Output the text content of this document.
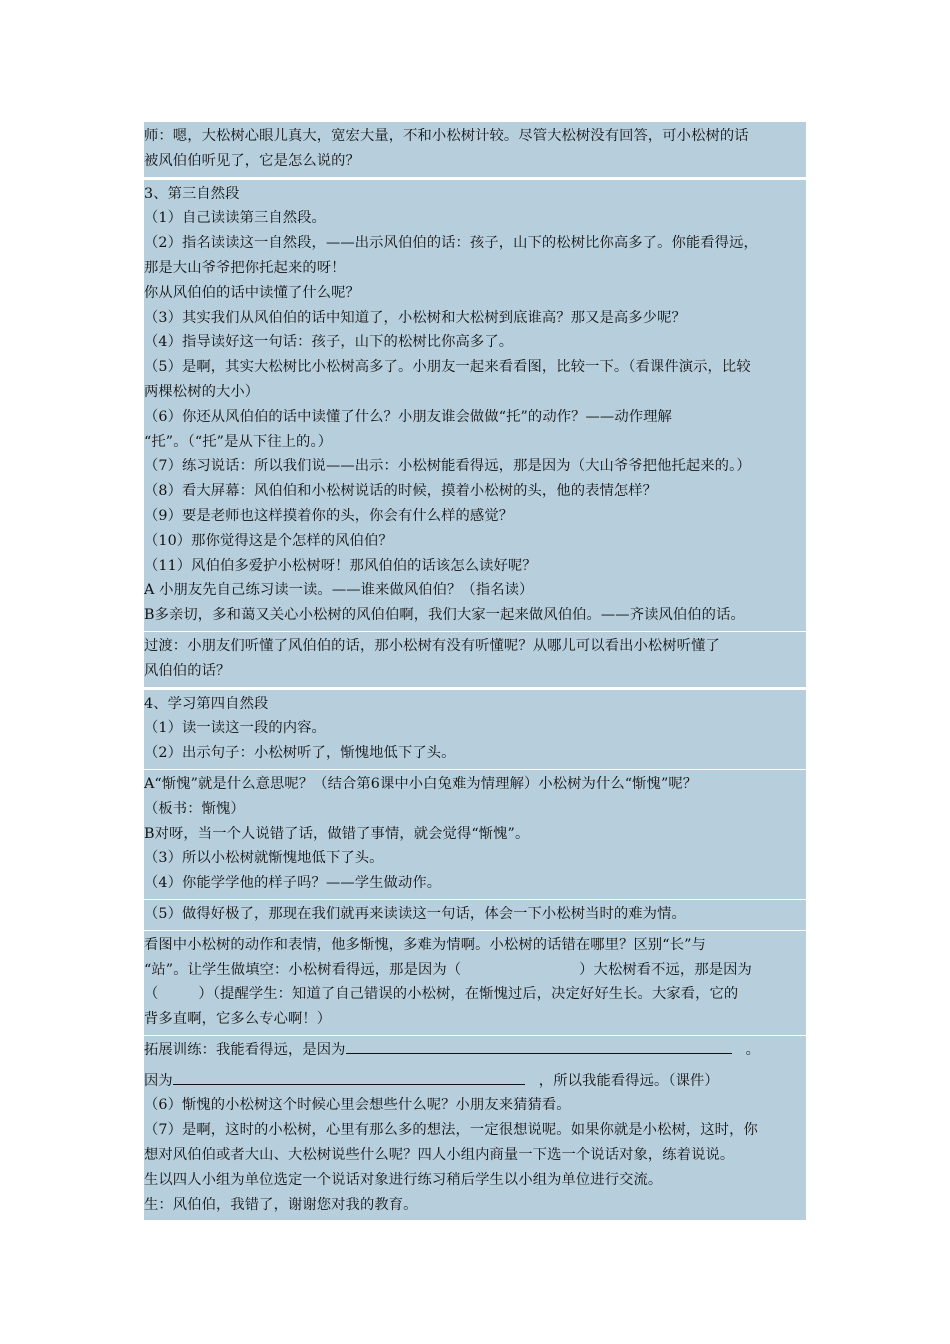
师：嗯，大松树心眼儿真大，宽宏大量，不和小松树计较。尽管大松树没有回答，可小松树的话
被风伯伯听见了，它是怎么说的？
3、第三自然段
（1）自己读读第三自然段。
（2）指名读读这一自然段，——出示风伯伯的话：孩子，山下的松树比你高多了。你能看得远，
那是大山爷爷把你托起来的呀！
你从风伯伯的话中读懂了什么呢？
（3）其实我们从风伯伯的话中知道了，小松树和大松树到底谁高？那又是高多少呢？
（4）指导读好这一句话：孩子，山下的松树比你高多了。
（5）是啊，其实大松树比小松树高多了。小朋友一起来看看图，比较一下。（看课件演示，比较
两棵松树的大小）
（6）你还从风伯伯的话中读懂了什么？小朋友谁会做做“托”的动作？——动作理解
“托”。（“托”是从下往上的。）
（7）练习说话：所以我们说——出示：小松树能看得远，那是因为（大山爷爷把他托起来的。）
（8）看大屏幕：风伯伯和小松树说话的时候，摸着小松树的头，他的表情怎样？
（9）要是老师也这样摸着你的头，你会有什么样的感觉？
（10）那你觉得这是个怎样的风伯伯？
（11）风伯伯多爱护小松树呀！那风伯伯的话该怎么读好呢？
A 小朋友先自己练习读一读。——谁来做风伯伯？（指名读）
B多亲切，多和蔼又关心小松树的风伯伯啊，我们大家一起来做风伯伯。——齐读风伯伯的话。
过渡：小朋友们听懂了风伯伯的话，那小松树有没有听懂呢？从哪儿可以看出小松树听懂了
风伯伯的话？
4、学习第四自然段
（1）读一读这一段的内容。
（2）出示句子：小松树听了，惭愧地低下了头。
A“惭愧”就是什么意思呢？（结合第6课中小白兔难为情理解）小松树为什么“惭愧”呢？
（板书：惭愧）
B对呀，当一个人说错了话，做错了事情，就会觉得“惭愧”。
（3）所以小松树就惭愧地低下了头。
（4）你能学学他的样子吗？——学生做动作。
（5）做得好极了，那现在我们就再来读读这一句话，体会一下小松树当时的难为情。
看图中小松树的动作和表情，他多惭愧，多难为情啊。小松树的话错在哪里？区别“长”与
“站”。让学生做填空：小松树看得远，那是因为（	）大松树看不远，那是因为
（	）（提醒学生：知道了自己错误的小松树，在惭愧过后，决定好好生长。大家看，它的
背多直啊，它多么专心啊！）
拓展训练：我能看得远，是因为	。
因为	，所以我能看得远。（课件）
（6）惭愧的小松树这个时候心里会想些什么呢？小朋友来猜猜看。
（7）是啊，这时的小松树，心里有那么多的想法，一定很想说呢。如果你就是小松树，这时，你
想对风伯伯或者大山、大松树说些什么呢？四人小组内商量一下选一个说话对象，练着说说。
生以四人小组为单位选定一个说话对象进行练习稍后学生以小组为单位进行交流。
生：风伯伯，我错了，谢谢您对我的教育。
